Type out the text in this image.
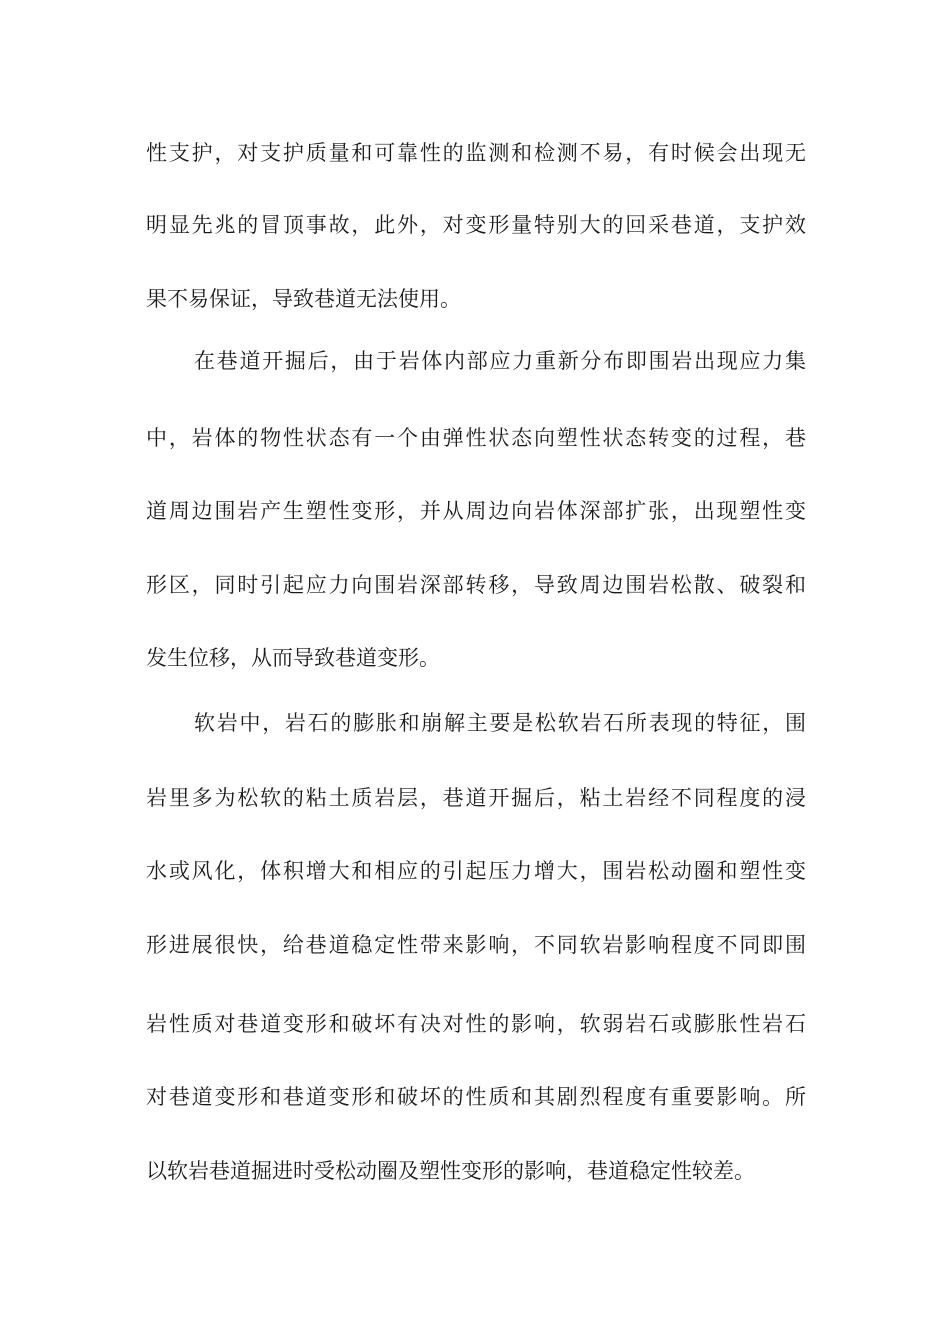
性支护，对支护质量和可靠性的监测和检测不易，有时候会出现无

明显先兆的冒顶事故，此外，对变形量特别大的回采巷道，支护效

果不易保证，导致巷道无法使用。

在巷道开掘后，由于岩体内部应力重新分布即围岩出现应力集

中，岩体的物性状态有一个由弹性状态向塑性状态转变的过程，巷

道周边围岩产生塑性变形，并从周边向岩体深部扩张，出现塑性变

形区，同时引起应力向围岩深部转移，导致周边围岩松散、破裂和

发生位移，从而导致巷道变形。

软岩中，岩石的膨胀和崩解主要是松软岩石所表现的特征，围

岩里多为松软的粘土质岩层，巷道开掘后，粘土岩经不同程度的浸

水或风化，体积增大和相应的引起压力增大，围岩松动圈和塑性变

形进展很快，给巷道稳定性带来影响，不同软岩影响程度不同即围

岩性质对巷道变形和破坏有决对性的影响，软弱岩石或膨胀性岩石

对巷道变形和巷道变形和破坏的性质和其剧烈程度有重要影响。所

以软岩巷道掘进时受松动圈及塑性变形的影响，巷道稳定性较差。
